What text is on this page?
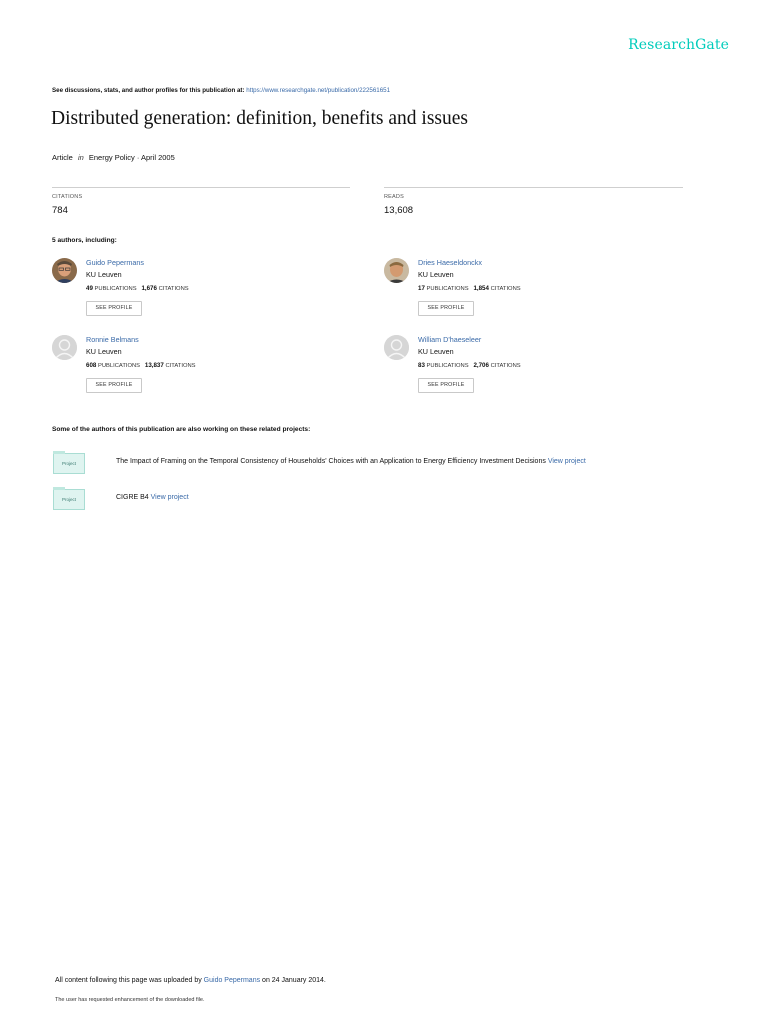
ResearchGate
See discussions, stats, and author profiles for this publication at: https://www.researchgate.net/publication/222561651
Distributed generation: definition, benefits and issues
Article in Energy Policy · April 2005
CITATIONS
784
READS
13,608
5 authors, including:
Guido Pepermans
KU Leuven
49 PUBLICATIONS 1,676 CITATIONS
SEE PROFILE
Dries Haeseldonckx
KU Leuven
17 PUBLICATIONS 1,854 CITATIONS
SEE PROFILE
Ronnie Belmans
KU Leuven
608 PUBLICATIONS 13,837 CITATIONS
SEE PROFILE
William D'haeseleer
KU Leuven
83 PUBLICATIONS 2,706 CITATIONS
SEE PROFILE
Some of the authors of this publication are also working on these related projects:
Project	The Impact of Framing on the Temporal Consistency of Households' Choices with an Application to Energy Efficiency Investment Decisions View project
Project	CIGRE B4 View project
All content following this page was uploaded by Guido Pepermans on 24 January 2014.
The user has requested enhancement of the downloaded file.
